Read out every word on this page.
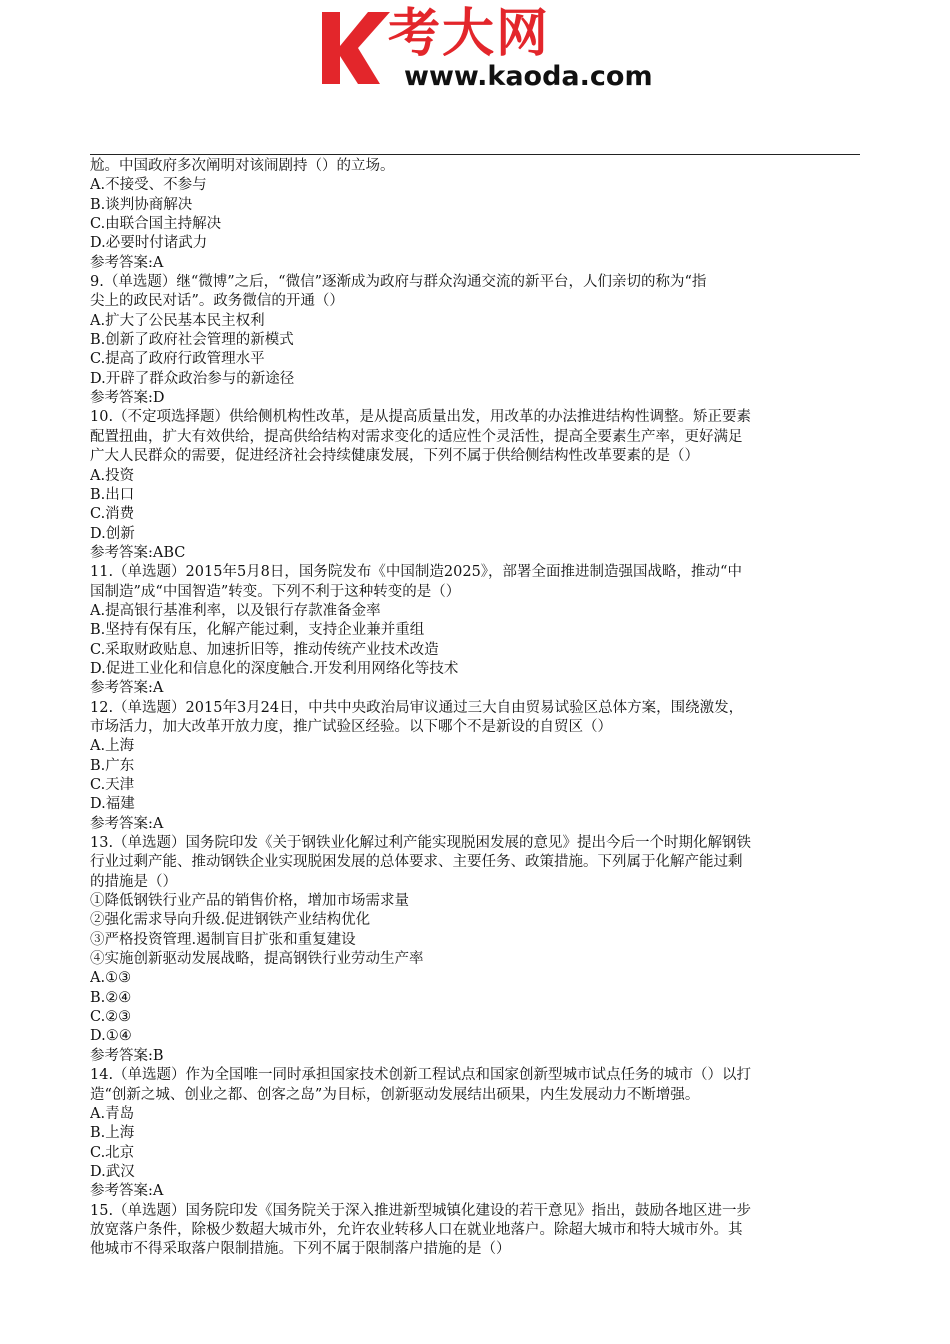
考大网
www.kaoda.com
尬。中国政府多次阐明对该闹剧持（）的立场。
A.不接受、不参与
B.谈判协商解决
C.由联合国主持解决
D.必要时付诸武力
参考答案:A
9.（单选题）继“微博”之后，“微信”逐渐成为政府与群众沟通交流的新平台，人们亲切的称为“指
尖上的政民对话”。政务微信的开通（）
A.扩大了公民基本民主权利
B.创新了政府社会管理的新模式
C.提高了政府行政管理水平
D.开辟了群众政治参与的新途径
参考答案:D
10.（不定项选择题）供给侧机构性改革，是从提高质量出发，用改革的办法推进结构性调整。矫正要素
配置扭曲，扩大有效供给，提高供给结构对需求变化的适应性个灵活性，提高全要素生产率，更好满足
广大人民群众的需要，促进经济社会持续健康发展，下列不属于供给侧结构性改革要素的是（）
A.投资
B.出口
C.消费
D.创新
参考答案:ABC
11.（单选题）2015年5月8日，国务院发布《中国制造2025》，部署全面推进制造强国战略，推动“中
国制造”成“中国智造”转变。下列不利于这种转变的是（）
A.提高银行基准利率，以及银行存款准备金率
B.坚持有保有压，化解产能过剩，支持企业兼并重组
C.采取财政贴息、加速折旧等，推动传统产业技术改造
D.促进工业化和信息化的深度触合.开发利用网络化等技术
参考答案:A
12.（单选题）2015年3月24日，中共中央政治局审议通过三大自由贸易试验区总体方案，围绕激发，
市场活力，加大改革开放力度，推广试验区经验。以下哪个不是新设的自贸区（）
A.上海
B.广东
C.天津
D.福建
参考答案:A
13.（单选题）国务院印发《关于钢铁业化解过利产能实现脱困发展的意见》提出今后一个时期化解钢铁
行业过剩产能、推动钢铁企业实现脱困发展的总体要求、主要任务、政策措施。下列属于化解产能过剩
的措施是（）
①降低钢铁行业产品的销售价格，增加市场需求量
②强化需求导向升级.促进钢铁产业结构优化
③严格投资管理.遏制盲目扩张和重复建设
④实施创新驱动发展战略，提高钢铁行业劳动生产率
A.①③
B.②④
C.②③
D.①④
参考答案:B
14.（单选题）作为全国唯一同时承担国家技术创新工程试点和国家创新型城市试点任务的城市（）以打
造“创新之城、创业之都、创客之岛”为目标，创新驱动发展结出硕果，内生发展动力不断增强。
A.青岛
B.上海
C.北京
D.武汉
参考答案:A
15.（单选题）国务院印发《国务院关于深入推进新型城镇化建设的若干意见》指出，鼓励各地区进一步
放宽落户条件，除极少数超大城市外，允许农业转移人口在就业地落户。除超大城市和特大城市外。其
他城市不得采取落户限制措施。下列不属于限制落户措施的是（）
